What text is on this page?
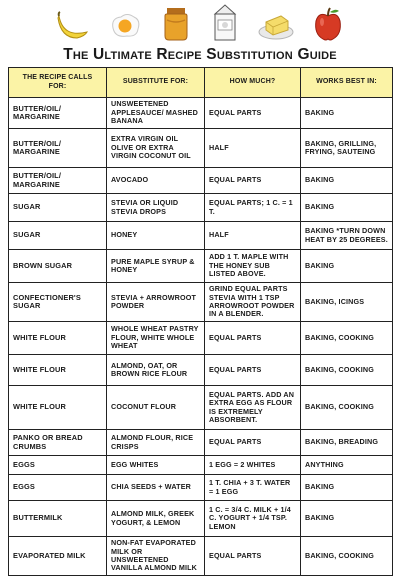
The Ultimate Recipe Substitution Guide
THE RECIPE CALLS FOR:	SUBSTITUTE FOR:	HOW MUCH?	WORKS BEST IN:
BUTTER/OIL/ MARGARINE	UNSWEETENED APPLESAUCE/ MASHED BANANA	EQUAL PARTS	BAKING
BUTTER/OIL/ MARGARINE	EXTRA VIRGIN OIL OLIVE OR EXTRA VIRGIN COCONUT OIL	HALF	BAKING, GRILLING, FRYING, SAUTEING
BUTTER/OIL/ MARGARINE	AVOCADO	EQUAL PARTS	BAKING
SUGAR	STEVIA OR LIQUID STEVIA DROPS	EQUAL PARTS; 1 C. = 1 T.	BAKING
SUGAR	HONEY	HALF	BAKING *TURN DOWN HEAT BY 25 DEGREES.
BROWN SUGAR	PURE MAPLE SYRUP & HONEY	ADD 1 T. MAPLE WITH THE HONEY SUB LISTED ABOVE.	BAKING
CONFECTIONER'S SUGAR	STEVIA + ARROWROOT POWDER	GRIND EQUAL PARTS STEVIA WITH 1 TSP ARROWROOT POWDER IN A BLENDER.	BAKING, ICINGS
WHITE FLOUR	WHOLE WHEAT PASTRY FLOUR, WHITE WHOLE WHEAT	EQUAL PARTS	BAKING, COOKING
WHITE FLOUR	ALMOND, OAT, OR BROWN RICE FLOUR	EQUAL PARTS	BAKING, COOKING
WHITE FLOUR	COCONUT FLOUR	EQUAL PARTS. ADD AN EXTRA EGG AS FLOUR IS EXTREMELY ABSORBENT.	BAKING, COOKING
PANKO OR BREAD CRUMBS	ALMOND FLOUR, RICE CRISPS	EQUAL PARTS	BAKING, BREADING
EGGS	EGG WHITES	1 EGG = 2 WHITES	ANYTHING
EGGS	CHIA SEEDS + WATER	1 T. CHIA + 3 T. WATER = 1 EGG	BAKING
BUTTERMILK	ALMOND MILK, GREEK YOGURT, & LEMON	1 C. = 3/4 C. MILK + 1/4 C. YOGURT + 1/4 TSP. LEMON	BAKING
EVAPORATED MILK	NON-FAT EVAPORATED MILK OR UNSWEETENED VANILLA ALMOND MILK	EQUAL PARTS	BAKING, COOKING
